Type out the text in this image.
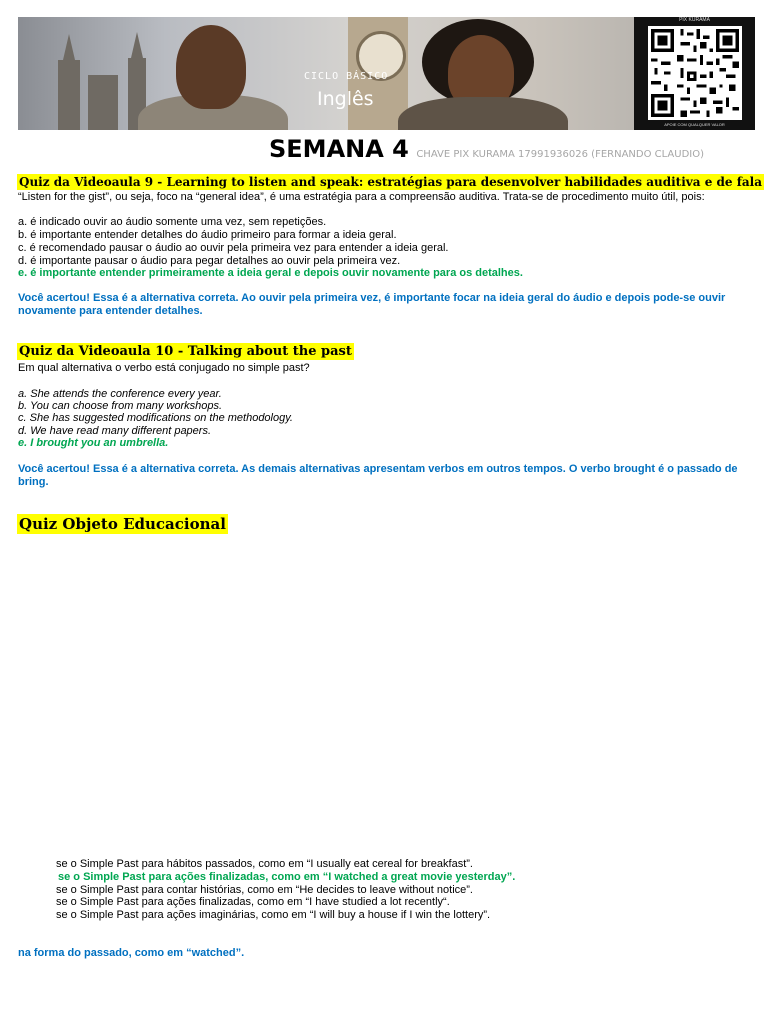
CICLO BÁSICO
Inglês
PIX KURAMA
APOIE COM QUALQUER VALOR
SEMANA 4 CHAVE PIX KURAMA 17991936026 (FERNANDO CLAUDIO)
Quiz da Videoaula 9 - Learning to listen and speak: estratégias para desenvolver habilidades auditiva e de fala
“Listen for the gist”, ou seja, foco na “general idea”, é uma estratégia para a compreensão auditiva. Trata-se de procedimento muito útil, pois:
a. é indicado ouvir ao áudio somente uma vez, sem repetições.
b. é importante entender detalhes do áudio primeiro para formar a ideia geral.
c. é recomendado pausar o áudio ao ouvir pela primeira vez para entender a ideia geral.
d. é importante pausar o áudio para pegar detalhes ao ouvir pela primeira vez.
e. é importante entender primeiramente a ideia geral e depois ouvir novamente para os detalhes.
Você acertou! Essa é a alternativa correta. Ao ouvir pela primeira vez, é importante focar na ideia geral do áudio e depois pode-se ouvir novamente para entender detalhes.
Quiz da Videoaula 10 - Talking about the past
Em qual alternativa o verbo está conjugado no simple past?
a. She attends the conference every year.
b. You can choose from many workshops.
c. She has suggested modifications on the methodology.
d. We have read many different papers.
e. I brought you an umbrella.
Você acertou! Essa é a alternativa correta. As demais alternativas apresentam verbos em outros tempos. O verbo brought é o passado de bring.
Quiz Objeto Educacional
se o Simple Past para hábitos passados, como em “I usually eat cereal for breakfast”.
se o Simple Past para ações finalizadas, como em “I watched a great movie yesterday”.
se o Simple Past para contar histórias, como em “He decides to leave without notice”.
se o Simple Past para ações finalizadas, como em “I have studied a lot recently“.
se o Simple Past para ações imaginárias, como em “I will buy a house if I win the lottery”.
na forma do passado, como em “watched”.
